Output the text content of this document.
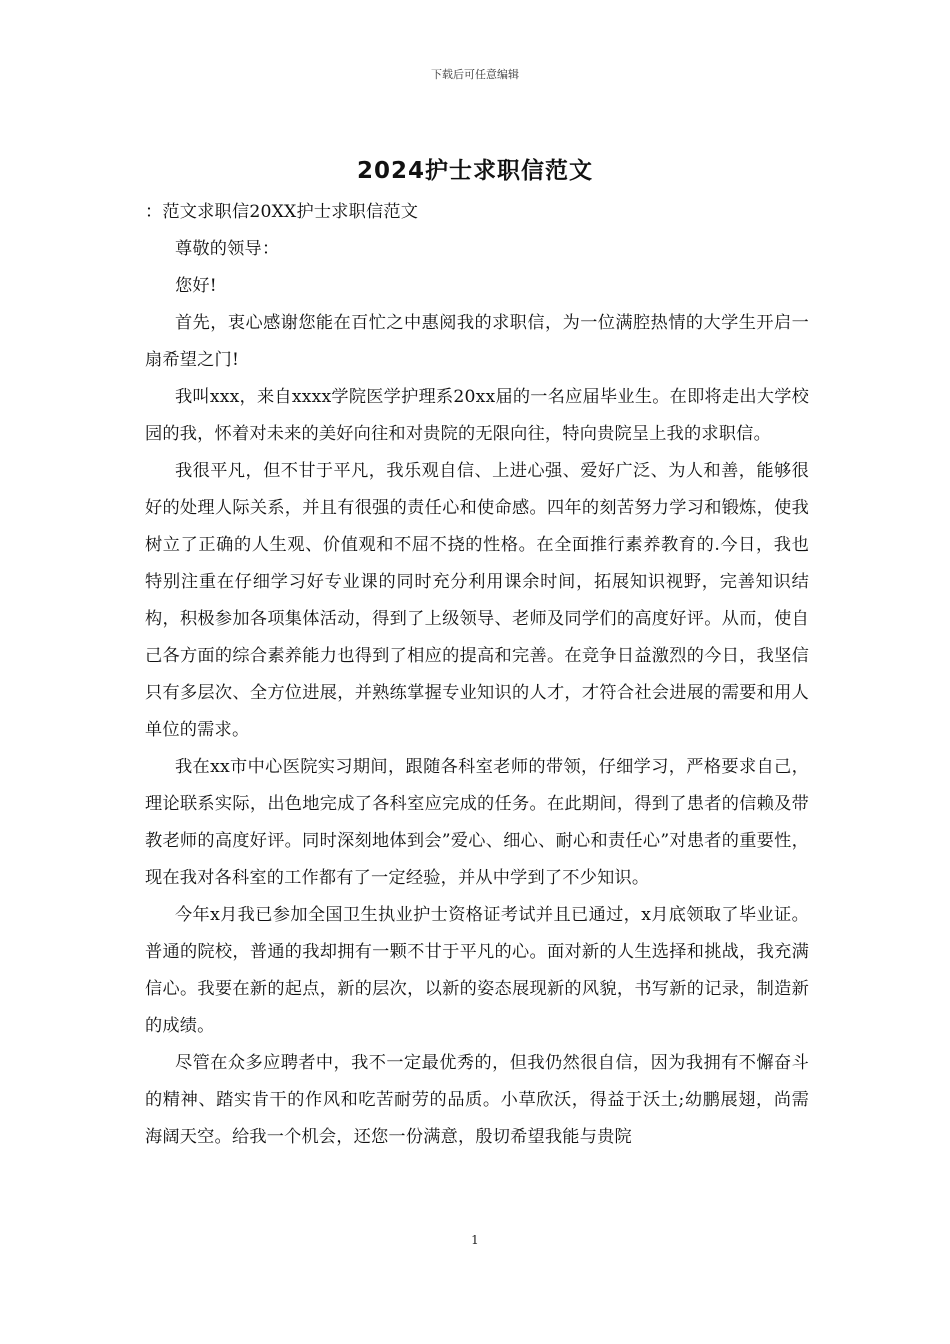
下载后可任意编辑
2024护士求职信范文

：范文求职信20XX护士求职信范文

尊敬的领导：

您好!

首先，衷心感谢您能在百忙之中惠阅我的求职信，为一位满腔热情的大学生开启一扇希望之门!

我叫xxx，来自xxxx学院医学护理系20xx届的一名应届毕业生。在即将走出大学校园的我，怀着对未来的美好向往和对贵院的无限向往，特向贵院呈上我的求职信。

我很平凡，但不甘于平凡，我乐观自信、上进心强、爱好广泛、为人和善，能够很好的处理人际关系，并且有很强的责任心和使命感。四年的刻苦努力学习和锻炼，使我树立了正确的人生观、价值观和不屈不挠的性格。在全面推行素养教育的.今日，我也特别注重在仔细学习好专业课的同时充分利用课余时间，拓展知识视野，完善知识结构，积极参加各项集体活动，得到了上级领导、老师及同学们的高度好评。从而，使自己各方面的综合素养能力也得到了相应的提高和完善。在竞争日益激烈的今日，我坚信只有多层次、全方位进展，并熟练掌握专业知识的人才，才符合社会进展的需要和用人单位的需求。

我在xx市中心医院实习期间，跟随各科室老师的带领，仔细学习，严格要求自己，理论联系实际，出色地完成了各科室应完成的任务。在此期间，得到了患者的信赖及带教老师的高度好评。同时深刻地体到会”爱心、细心、耐心和责任心”对患者的重要性，现在我对各科室的工作都有了一定经验，并从中学到了不少知识。

今年x月我已参加全国卫生执业护士资格证考试并且已通过，x月底领取了毕业证。普通的院校，普通的我却拥有一颗不甘于平凡的心。面对新的人生选择和挑战，我充满信心。我要在新的起点，新的层次，以新的姿态展现新的风貌，书写新的记录，制造新的成绩。

尽管在众多应聘者中，我不一定最优秀的，但我仍然很自信，因为我拥有不懈奋斗的精神、踏实肯干的作风和吃苦耐劳的品质。小草欣沃，得益于沃土;幼鹏展翅，尚需海阔天空。给我一个机会，还您一份满意，殷切希望我能与贵院

1
